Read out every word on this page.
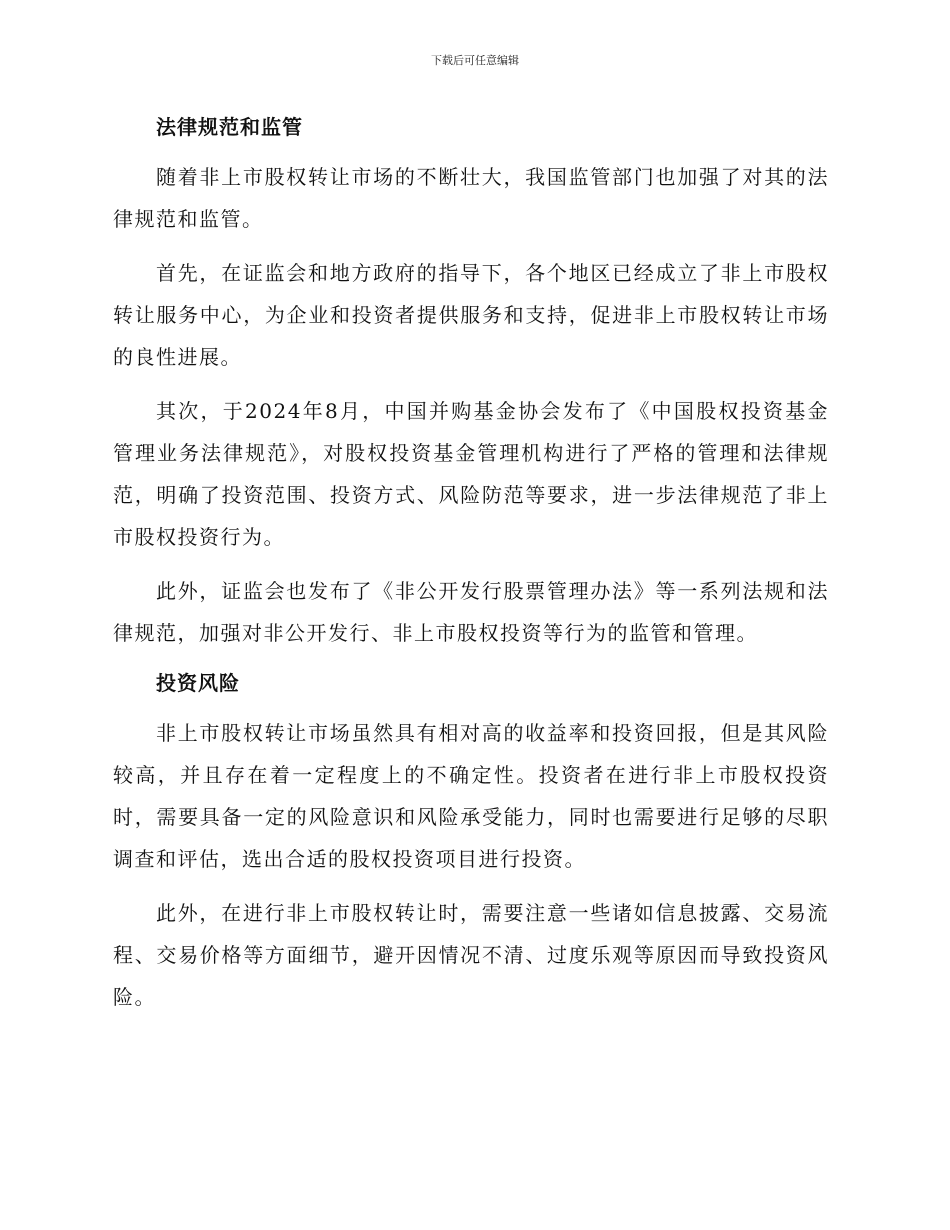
下载后可任意编辑
法律规范和监管

随着非上市股权转让市场的不断壮大，我国监管部门也加强了对其的法律规范和监管。

首先，在证监会和地方政府的指导下，各个地区已经成立了非上市股权转让服务中心，为企业和投资者提供服务和支持，促进非上市股权转让市场的良性进展。

其次，于2024年8月，中国并购基金协会发布了《中国股权投资基金管理业务法律规范》，对股权投资基金管理机构进行了严格的管理和法律规范，明确了投资范围、投资方式、风险防范等要求，进一步法律规范了非上市股权投资行为。

此外，证监会也发布了《非公开发行股票管理办法》等一系列法规和法律规范，加强对非公开发行、非上市股权投资等行为的监管和管理。

投资风险

非上市股权转让市场虽然具有相对高的收益率和投资回报，但是其风险较高，并且存在着一定程度上的不确定性。投资者在进行非上市股权投资时，需要具备一定的风险意识和风险承受能力，同时也需要进行足够的尽职调查和评估，选出合适的股权投资项目进行投资。

此外，在进行非上市股权转让时，需要注意一些诸如信息披露、交易流程、交易价格等方面细节，避开因情况不清、过度乐观等原因而导致投资风险。
